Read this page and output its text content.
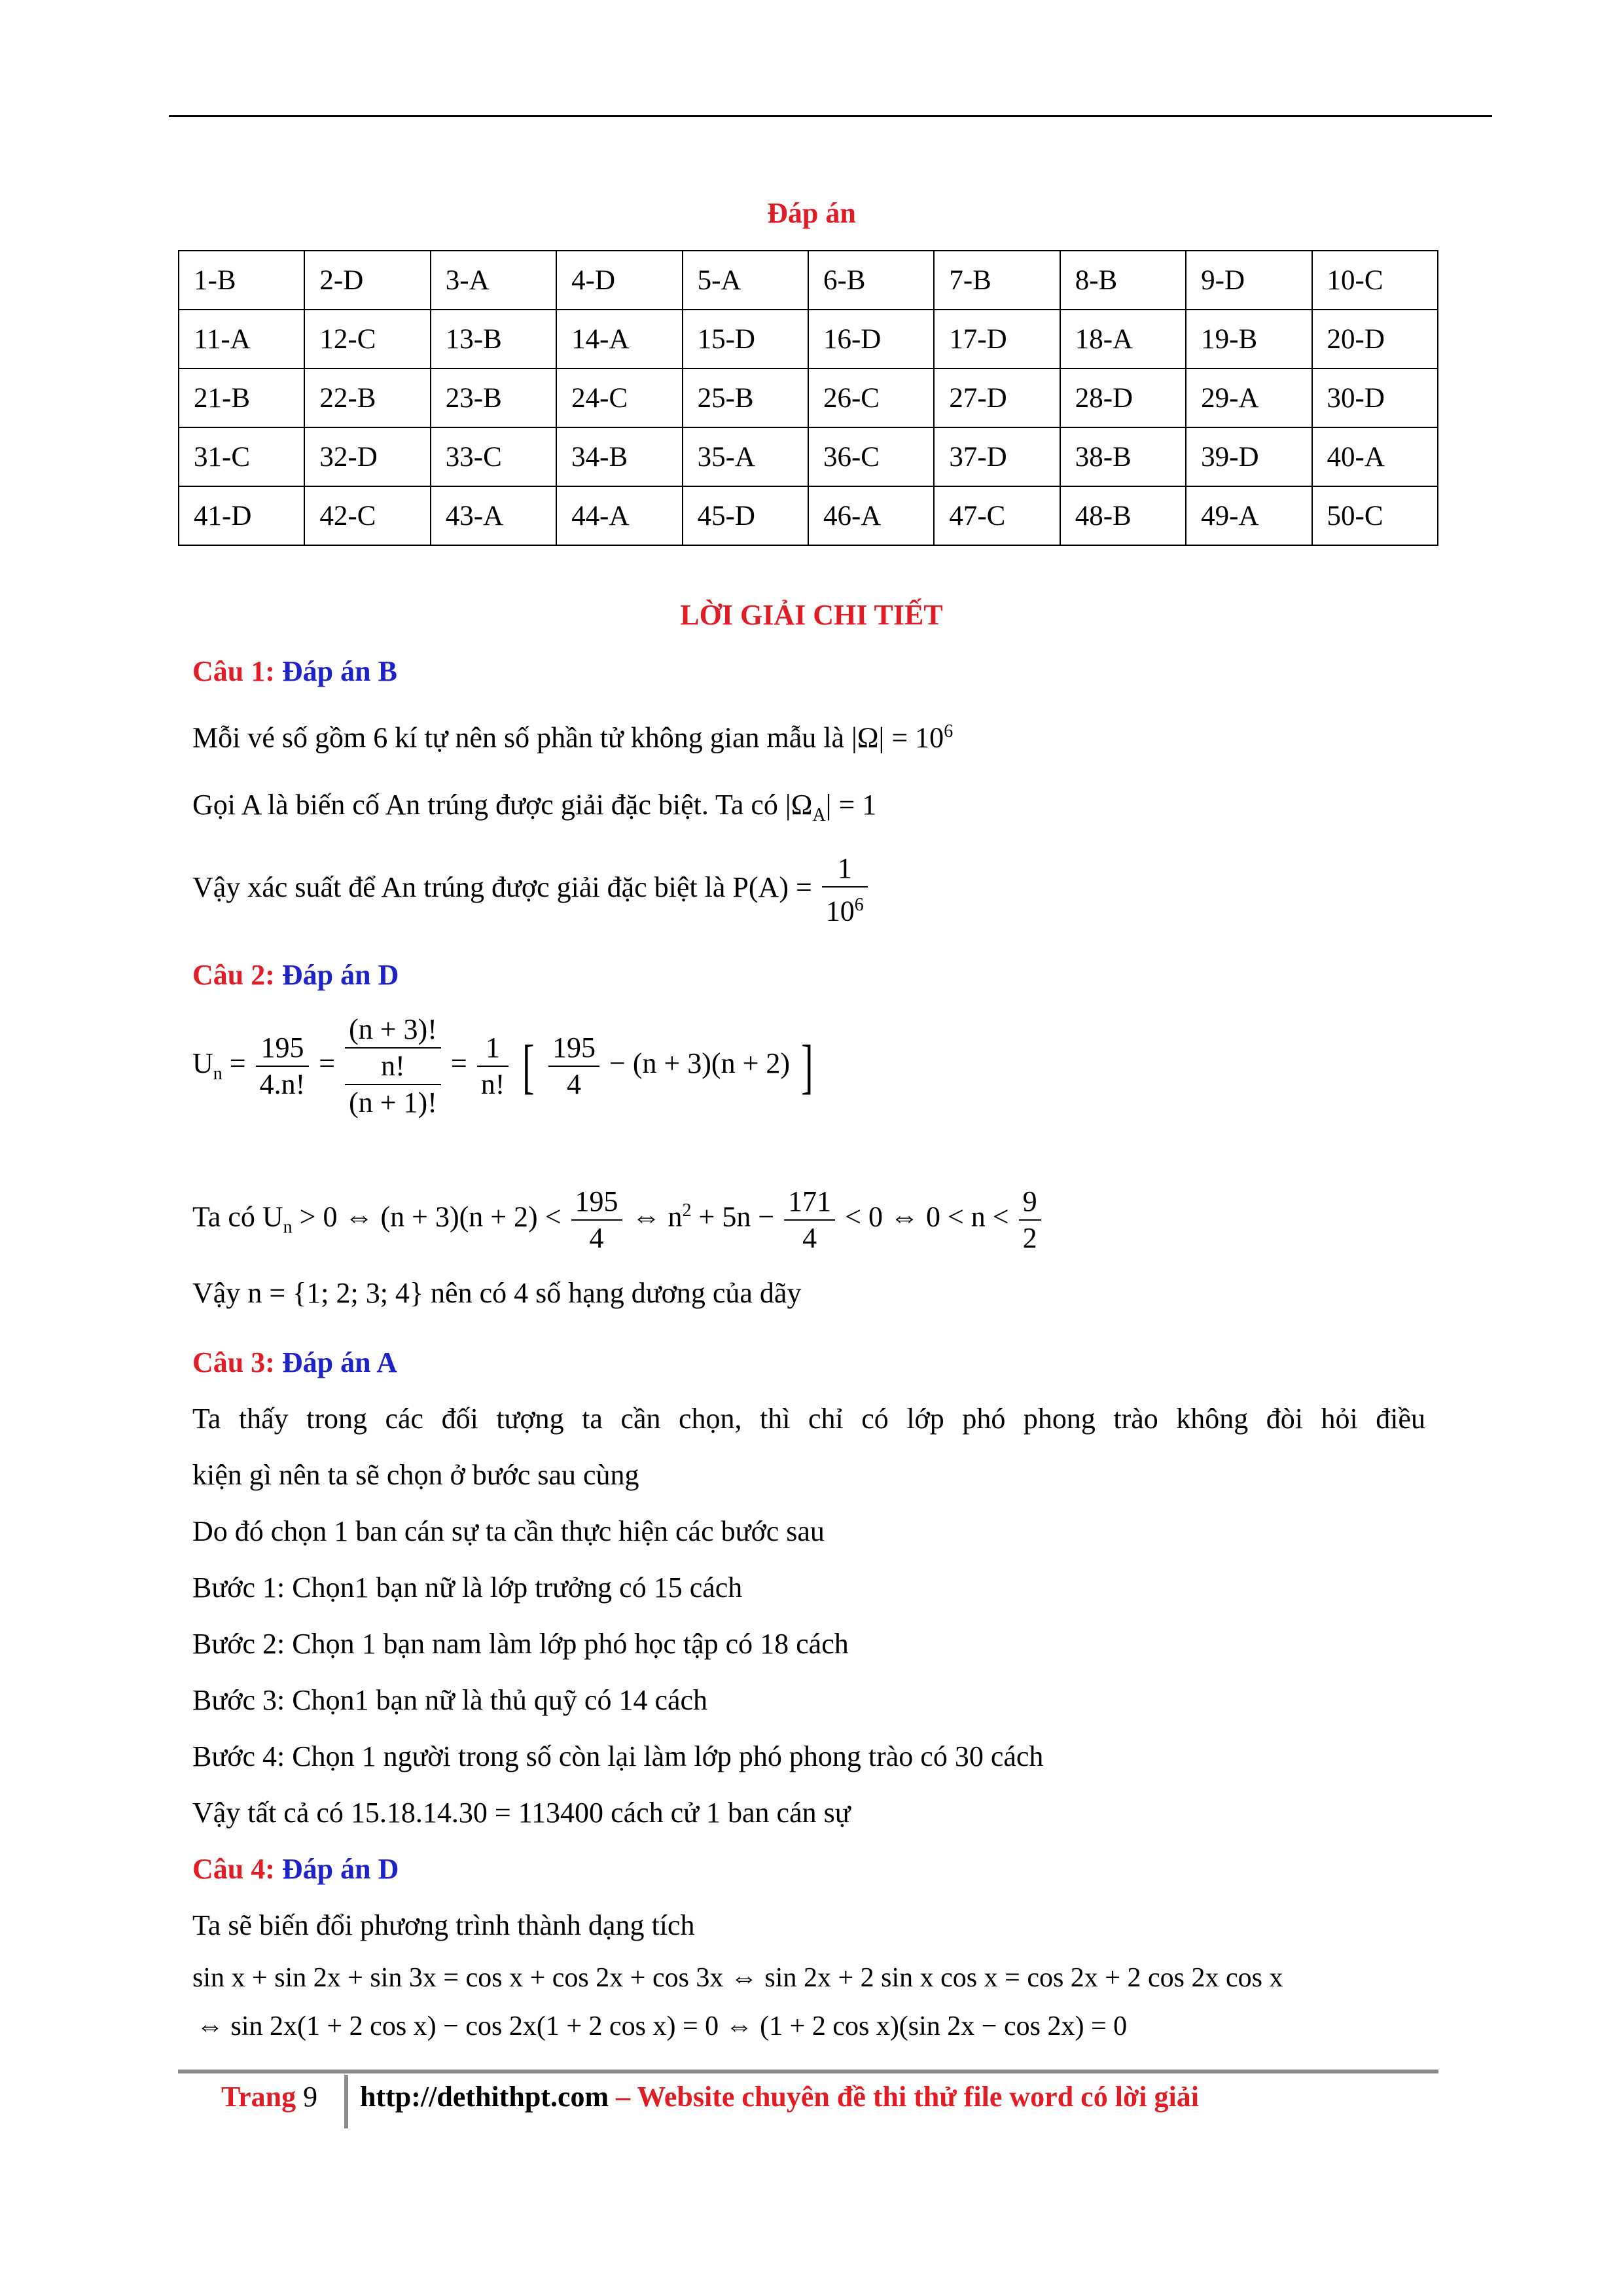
Đáp án
1-B	2-D	3-A	4-D	5-A	6-B	7-B	8-B	9-D	10-C
11-A	12-C	13-B	14-A	15-D	16-D	17-D	18-A	19-B	20-D
21-B	22-B	23-B	24-C	25-B	26-C	27-D	28-D	29-A	30-D
31-C	32-D	33-C	34-B	35-A	36-C	37-D	38-B	39-D	40-A
41-D	42-C	43-A	44-A	45-D	46-A	47-C	48-B	49-A	50-C
LỜI GIẢI CHI TIẾT
Câu 1: Đáp án B
Mỗi vé số gồm 6 kí tự nên số phần tử không gian mẫu là $|\Omega| = 10^6$
Gọi A là biến cố An trúng được giải đặc biệt. Ta có $|\Omega_A| = 1$
Vậy xác suất để An trúng được giải đặc biệt là $P(A) = \frac{1}{10^6}$
Câu 2: Đáp án D
$U_n = \frac{195}{4.n!}$ =
(n + 3)!
n!
(n + 1)!
= $\frac{1}{n!}$ [ $\frac{195}{4} - (n + 3)(n + 2)$ ]
Ta có $U_n > 0$ ⇔ $(n + 3)(n + 2) < \frac{195}{4}$ ⇔ $n^2 + 5n - \frac{171}{4} < 0$ ⇔ $0 < n < \frac{9}{2}$
Vậy n = {1; 2; 3; 4} nên có 4 số hạng dương của dãy
Câu 3: Đáp án A
Ta thấy trong các đối tượng ta cần chọn, thì chỉ có lớp phó phong trào không đòi hỏi điều
kiện gì nên ta sẽ chọn ở bước sau cùng
Do đó chọn 1 ban cán sự ta cần thực hiện các bước sau
Bước 1: Chọn1 bạn nữ là lớp trưởng có 15 cách
Bước 2: Chọn 1 bạn nam làm lớp phó học tập có 18 cách
Bước 3: Chọn1 bạn nữ là thủ quỹ có 14 cách
Bước 4: Chọn 1 người trong số còn lại làm lớp phó phong trào có 30 cách
Vậy tất cả có 15.18.14.30 = 113400 cách cử 1 ban cán sự
Câu 4: Đáp án D
Ta sẽ biến đổi phương trình thành dạng tích
sin x + sin 2x + sin 3x = cos x + cos 2x + cos 3x ⇔ sin 2x + 2 sin x cos x = cos 2x + 2 cos 2x cos x
⇔ sin 2x(1 + 2 cos x) − cos 2x(1 + 2 cos x) = 0 ⇔ (1 + 2 cos x)(sin 2x − cos 2x) = 0
Trang 9 http://dethithpt.com – Website chuyên đề thi thử file word có lời giải
